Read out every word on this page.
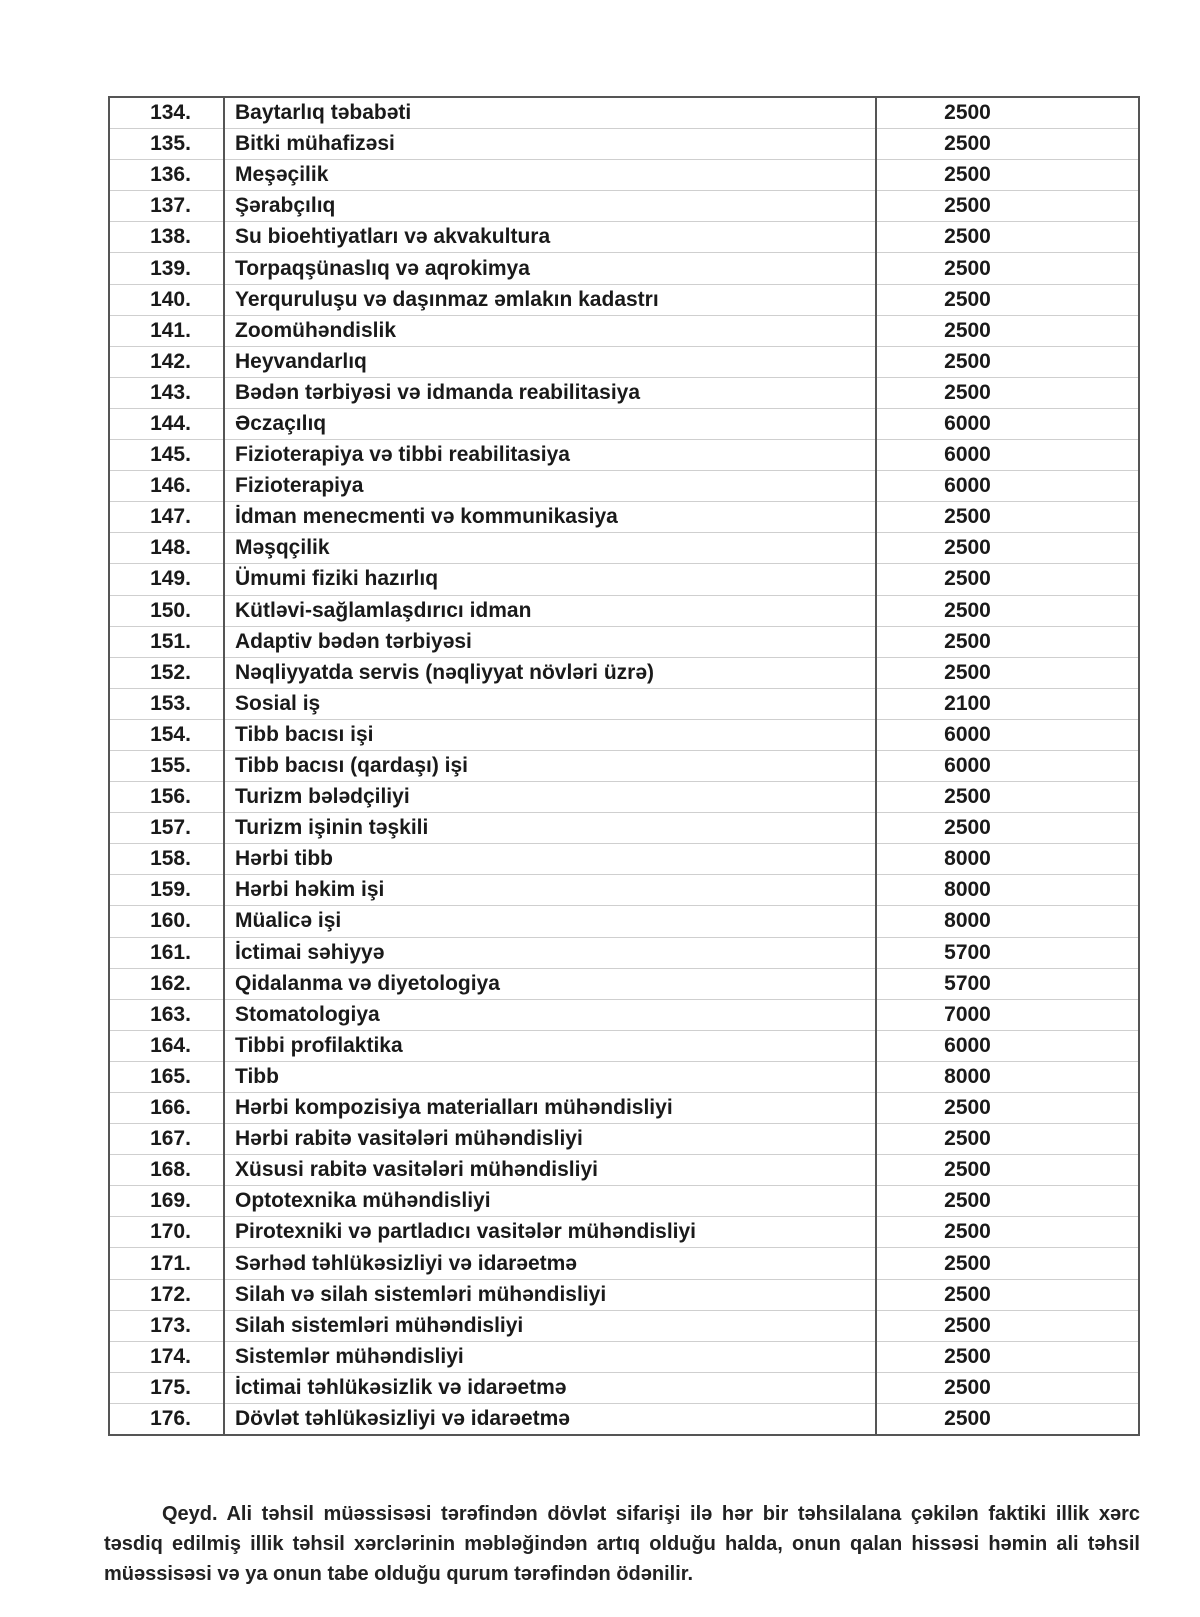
134.	Baytarlıq təbabəti	2500
135.	Bitki mühafizəsi	2500
136.	Meşəçilik	2500
137.	Şərabçılıq	2500
138.	Su bioehtiyatları və akvakultura	2500
139.	Torpaqşünaslıq və aqrokimya	2500
140.	Yerquruluşu və daşınmaz əmlakın kadastrı	2500
141.	Zoomühəndislik	2500
142.	Heyvandarlıq	2500
143.	Bədən tərbiyəsi və idmanda reabilitasiya	2500
144.	Əczaçılıq	6000
145.	Fizioterapiya və tibbi reabilitasiya	6000
146.	Fizioterapiya	6000
147.	İdman menecmenti və kommunikasiya	2500
148.	Məşqçilik	2500
149.	Ümumi fiziki hazırlıq	2500
150.	Kütləvi-sağlamlaşdırıcı idman	2500
151.	Adaptiv bədən tərbiyəsi	2500
152.	Nəqliyyatda servis (nəqliyyat növləri üzrə)	2500
153.	Sosial iş	2100
154.	Tibb bacısı işi	6000
155.	Tibb bacısı (qardaşı) işi	6000
156.	Turizm bələdçiliyi	2500
157.	Turizm işinin təşkili	2500
158.	Hərbi tibb	8000
159.	Hərbi həkim işi	8000
160.	Müalicə işi	8000
161.	İctimai səhiyyə	5700
162.	Qidalanma və diyetologiya	5700
163.	Stomatologiya	7000
164.	Tibbi profilaktika	6000
165.	Tibb	8000
166.	Hərbi kompozisiya materialları mühəndisliyi	2500
167.	Hərbi rabitə vasitələri mühəndisliyi	2500
168.	Xüsusi rabitə vasitələri mühəndisliyi	2500
169.	Optotexnika mühəndisliyi	2500
170.	Pirotexniki və partladıcı vasitələr mühəndisliyi	2500
171.	Sərhəd təhlükəsizliyi və idarəetmə	2500
172.	Silah və silah sistemləri mühəndisliyi	2500
173.	Silah sistemləri mühəndisliyi	2500
174.	Sistemlər mühəndisliyi	2500
175.	İctimai təhlükəsizlik və idarəetmə	2500
176.	Dövlət təhlükəsizliyi və idarəetmə	2500

Qeyd. Ali təhsil müəssisəsi tərəfindən dövlət sifarişi ilə hər bir təhsilalana çəkilən faktiki illik xərc təsdiq edilmiş illik təhsil xərclərinin məbləğindən artıq olduğu halda, onun qalan hissəsi həmin ali təhsil müəssisəsi və ya onun tabe olduğu qurum tərəfindən ödənilir.
